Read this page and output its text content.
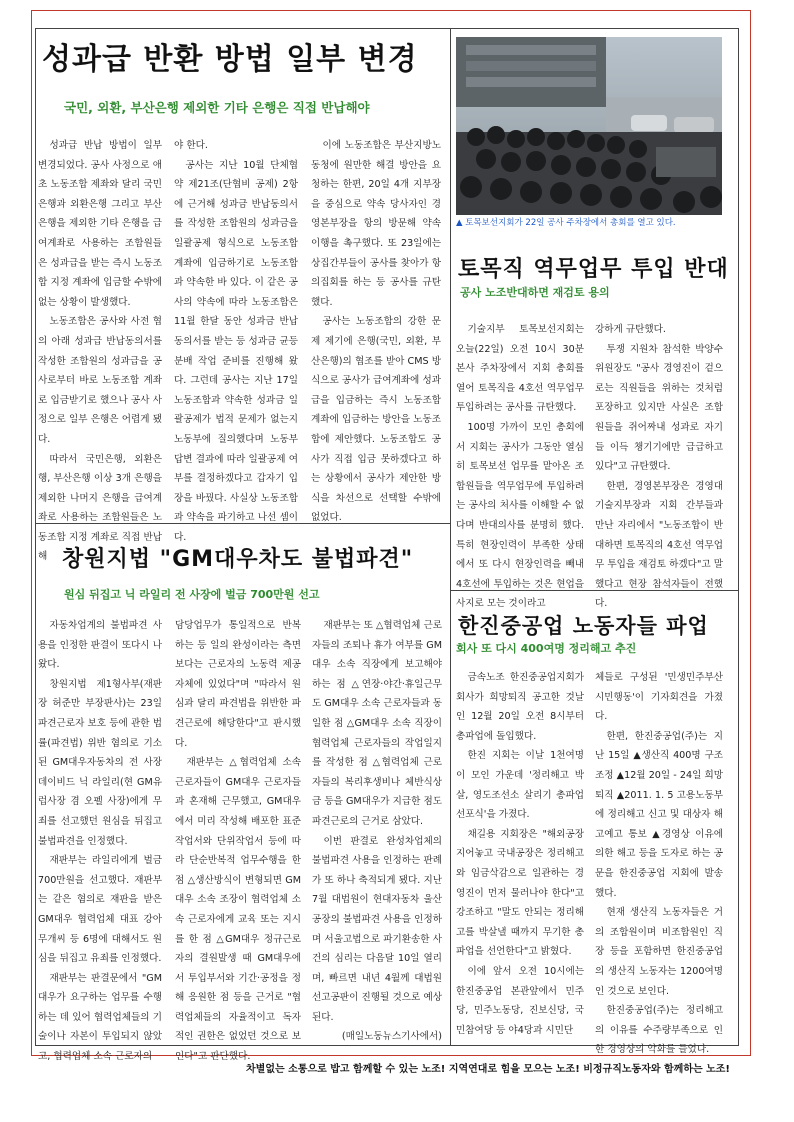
성과급 반환 방법 일부 변경
국민, 외환, 부산은행 제외한 기타 은행은 직접 반납해야

성과급 반납 방법이 일부 변경되었다. 공사 사정으로 애초 노동조합 제좌와 달리 국민은행과 외환은행 그리고 부산은행을 제외한 기타 은행을 급여계좌로 사용하는 조합원들은 성과급을 받는 즉시 노동조합 지정 계좌에 입금할 수밖에 없는 상황이 발생했다.

노동조합은 공사와 사전 협의 아래 성과급 반납동의서를 작성한 조합원의 성과급을 공사로부터 바로 노동조합 계좌로 입금받기로 했으나 공사 사정으로 일부 은행은 어렵게 됐다.

따라서 국민은행, 외환은행, 부산은행 이상 3개 은행을 제외한 나머지 은행을 급여계좌로 사용하는 조합원들은 노동조합 지정 계좌로 직접 반납해

야 한다.

공사는 지난 10월 단체협약 제21조(단협비 공제) 2항에 근거해 성과금 반납동의서를 작성한 조합원의 성과금을 일괄공제 형식으로 노동조합 계좌에 입금하기로 노동조합과 약속한 바 있다. 이 같은 공사의 약속에 따라 노동조합은 11월 한달 동안 성과금 반납동의서를 받는 등 성과금 균등분배 작업 준비를 진행해 왔다. 그런데 공사는 지난 17일 노동조합과 약속한 성과금 일괄공제가 법적 문제가 없는지 노동부에 질의했다며 노동부 답변 결과에 따라 일괄공제 여부를 결정하겠다고 갑자기 입장을 바꿨다. 사실상 노동조합과 약속을 파기하고 나선 셈이다.

이에 노동조합은 부산지방노동청에 원만한 해결 방안을 요청하는 한편, 20일 4개 지부장을 중심으로 약속 당사자인 경영본부장을 항의 방문해 약속 이행을 촉구했다. 또 23일에는 상집간부들이 공사를 찾아가 항의집회를 하는 등 공사를 규탄했다.

공사는 노동조합의 강한 문제 제기에 은행(국민, 외환, 부산은행)의 협조를 받아 CMS 방식으로 공사가 급여계좌에 성과급을 입금하는 즉시 노동조합 계좌에 입금하는 방안을 노동조합에 제안했다. 노동조합도 공사가 직접 입금 못하겠다고 하는 상황에서 공사가 제안한 방식을 차선으로 선택할 수밖에 없었다.

▲ 토목보선지회가 22일 공사 주차장에서 총회를 열고 있다.
토목직 역무업무 투입 반대
공사 노조반대하면 재검토 용의

기술지부 토목보선지회는 오늘(22일) 오전 10시 30분 본사 주차장에서 지회 총회를 열어 토목직을 4호선 역무업무 투입하려는 공사를 규탄했다.

100명 가까이 모인 총회에서 지회는 공사가 그동안 열심히 토목보선 업무를 맡아온 조합원들을 역무업무에 투입하려는 공사의 처사를 이해할 수 없다며 반대의사를 분명히 했다. 특히 현장인력이 부족한 상태에서 또 다시 현장인력을 빼내 4호선에 투입하는 것은 현업을 사지로 모는 것이라고

강하게 규탄했다.

투쟁 지원차 참석한 박양수 위원장도 "공사 경영진이 겉으로는 직원들을 위하는 것처럼 포장하고 있지만 사실은 조합원들을 쥐어짜내 성과로 자기들 이득 챙기기에만 급급하고 있다"고 규탄했다.

한편, 경영본부장은 경영대기술지부장과 지회 간부들과 만난 자리에서 "노동조합이 반대하면 토목직의 4호선 역무업무 투입을 재검토 하겠다"고 말했다고 현장 참석자들이 전했다.

창원지법 "GM대우차도 불법파견"
원심 뒤집고 닉 라일리 전 사장에 벌금 700만원 선고

자동차업계의 불법파견 사용을 인정한 판결이 또다시 나왔다.

창원지법 제1형사부(재판장 허준만 부장판사)는 23일 파견근로자 보호 등에 관한 법률(파견법) 위반 혐의로 기소된 GM대우자동차의 전 사장 데이비드 닉 라일리(현 GM유럽사장 겸 오펠 사장)에게 무죄를 선고했던 원심을 뒤집고 불법파견을 인정했다.

재판부는 라일리에게 벌금 700만원을 선고했다. 재판부는 같은 혐의로 재판을 받은 GM대우 협력업체 대표 강아무개씨 등 6명에 대해서도 원심을 뒤집고 유죄를 인정했다.

재판부는 판결문에서 "GM대우가 요구하는 업무를 수행하는 데 있어 협력업체들의 기술이나 자본이 투입되지 않았고, 협력업체 소속 근로자의

담당업무가 통일적으로 반복하는 등 일의 완성이라는 측면보다는 근로자의 노동력 제공자체에 있었다"며 "따라서 원심과 달리 파견법을 위반한 파견근로에 해당한다"고 판시했다.

재판부는 △협력업체 소속 근로자들이 GM대우 근로자들과 혼재해 근무했고, GM대우에서 미리 작성해 배포한 표준작업서와 단위작업서 등에 따라 단순반복적 업무수행을 한 점 △생산방식이 변형되면 GM대우 소속 조장이 협력업체 소속 근로자에게 교육 또는 지시를 한 점 △GM대우 정규근로자의 결원발생 때 GM대우에서 투입부서와 기간·공정을 정해 응원한 점 등을 근거로 "협력업체들의 자율적이고 독자적인 권한은 없었던 것으로 보인다"고 판단했다.

재판부는 또 △협력업체 근로자들의 조퇴나 휴가 여부를 GM대우 소속 직장에게 보고해야 하는 점 △연장·야간·휴일근무도 GM대우 소속 근로자들과 동일한 점 △GM대우 소속 직장이 협력업체 근로자들의 작업일지를 작성한 점 △협력업체 근로자들의 복리후생비나 체반식상금 등을 GM대우가 지급한 점도 파견근로의 근거로 삼았다.

이번 판결로 완성차업체의 불법파견 사용을 인정하는 판례가 또 하나 축적되게 됐다. 지난 7월 대법원이 현대자동차 울산공장의 불법파견 사용을 인정하며 서울고법으로 파기환송한 사건의 심리는 다음달 10일 열리며, 빠르면 내년 4월께 대법원 선고공판이 진행될 것으로 예상된다.

(매일노동뉴스기사에서)

한진중공업 노동자들 파업
회사 또 다시 400여명 정리해고 추진

금속노조 한진중공업지회가 회사가 희망퇴직 공고한 것날인 12월 20일 오전 8시부터 총파업에 돌입했다.

한진 지회는 이날 1천여명이 모인 가운데 '정리해고 박살, 영도조선소 살리기 총파업 선포식'을 가졌다.

채길용 지회장은 "해외공장 지어놓고 국내공장은 정리해고와 임금삭감으로 일관하는 경영진이 먼저 물러나야 한다"고 강조하고 "말도 안되는 정리해고를 박살낼 때까지 무기한 총파업을 선언한다"고 밝혔다.

이에 앞서 오전 10시에는 한진중공업 본관앞에서 민주당, 민주노동당, 진보신당, 국민참여당 등 야4당과 시민단

체들로 구성된 '민생민주부산시민행동'이 기자회견을 가졌다.

한편, 한진중공업(주)는 지난 15일 ▲생산직 400명 구조조정 ▲12월 20일 - 24일 희망퇴직 ▲2011. 1. 5 고용노동부에 정리해고 신고 및 대상자 해고예고 통보 ▲경영상 이유에 의한 해고 등을 도자로 하는 공문을 한진중공업 지회에 발송했다.

현재 생산직 노동자들은 거의 조합원이며 비조합원인 직장 등을 포함하면 한진중공업의 생산직 노동자는 1200여명인 것으로 보인다.

한진중공업(주)는 정리해고의 이유를 수주량부족으로 인한 경영상의 악화를 들었다.

차별없는 소통으로 밥고 함께할 수 있는 노조! 지역연대로 힘을 모으는 노조! 비정규직노동자와 함께하는 노조!
